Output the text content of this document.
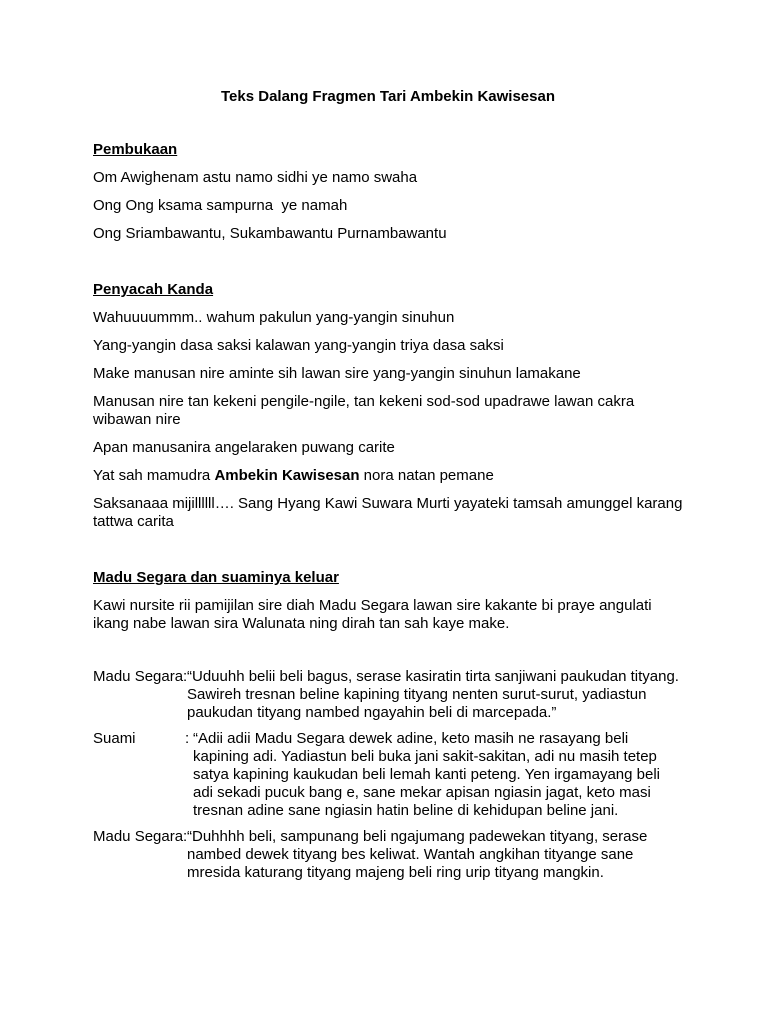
Teks Dalang Fragmen Tari Ambekin Kawisesan

Pembukaan

Om Awighenam astu namo sidhi ye namo swaha

Ong Ong ksama sampurna  ye namah

Ong Sriambawantu, Sukambawantu Purnambawantu

Penyacah Kanda

Wahuuuummm.. wahum pakulun yang-yangin sinuhun

Yang-yangin dasa saksi kalawan yang-yangin triya dasa saksi

Make manusan nire aminte sih lawan sire yang-yangin sinuhun lamakane

Manusan nire tan kekeni pengile-ngile, tan kekeni sod-sod upadrawe lawan cakra wibawan nire

Apan manusanira angelaraken puwang carite

Yat sah mamudra Ambekin Kawisesan nora natan pemane

Saksanaaa mijillllll…. Sang Hyang Kawi Suwara Murti yayateki tamsah amunggel karang tattwa carita

Madu Segara dan suaminya keluar

Kawi nursite rii pamijilan sire diah Madu Segara lawan sire kakante bi praye angulati ikang nabe lawan sira Walunata ning dirah tan sah kaye make.

Madu Segara: “Uduuhh belii beli bagus, serase kasiratin tirta sanjiwani paukudan tityang. Sawireh tresnan beline kapining tityang nenten surut-surut, yadiastun paukudan tityang nambed ngayahin beli di marcepada.”
Suami	: “Adii adii Madu Segara dewek adine, keto masih ne rasayang beli kapining adi. Yadiastun beli buka jani sakit-sakitan, adi nu masih tetep satya kapining kaukudan beli lemah kanti peteng. Yen irgamayang beli adi sekadi pucuk bang e, sane mekar apisan ngiasin jagat, keto masi tresnan adine sane ngiasin hatin beline di kehidupan beline jani.
Madu Segara: “Duhhhh beli, sampunang beli ngajumang padewekan tityang, serase nambed dewek tityang bes keliwat. Wantah angkihan tityange sane mresida katurang tityang majeng beli ring urip tityang mangkin.
